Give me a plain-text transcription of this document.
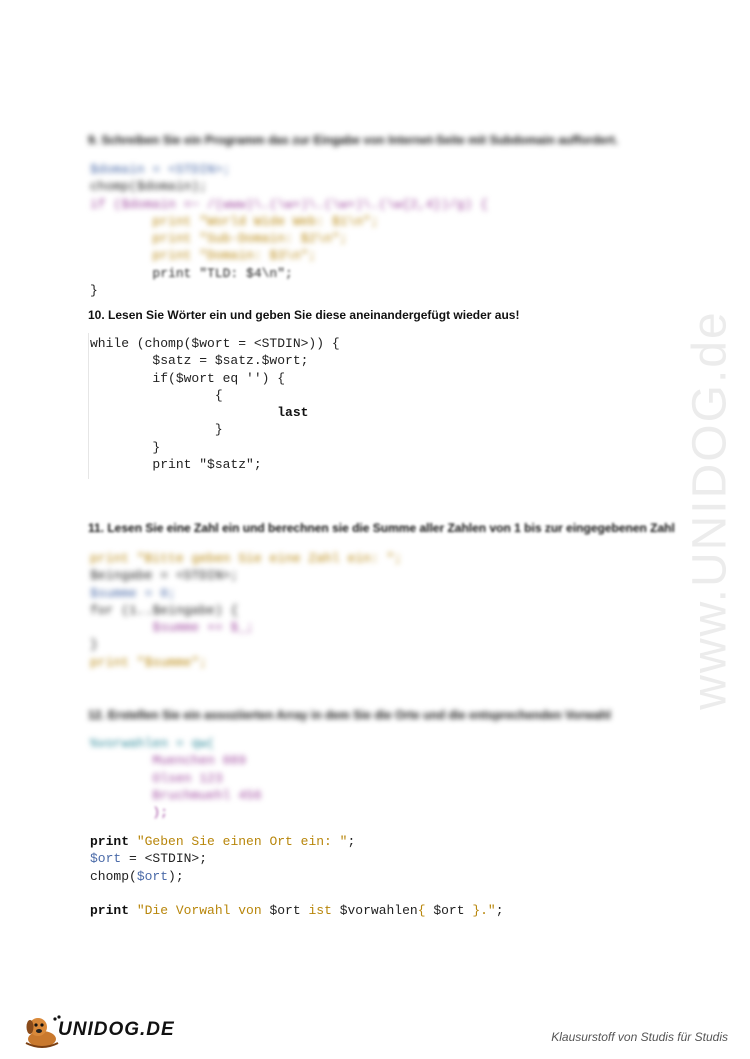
www.UNIDOG.de
9. Schreiben Sie ein Programm das zur Eingabe von Internet-Seite mit Subdomain auffordert.
$domain = <STDIN>;
chomp($domain);
if ($domain =~ /(www)\.(\w+)\.(\w+)\.(\w{2,4})/g) {
print "World Wide Web: $1\n";
print "Sub-Domain: $2\n";
print "Domain: $3\n";
print "TLD: $4\n";
}
10. Lesen Sie Wörter ein und geben Sie diese aneinandergefügt wieder aus!
while (chomp($wort = <STDIN>)) {
$satz = $satz.$wort;
if($wort eq '') {
{
last
}
}
print "$satz";
11. Lesen Sie eine Zahl ein und berechnen sie die Summe aller Zahlen von 1 bis zur eingegebenen Zahl
print "Bitte geben Sie eine Zahl ein: ";
$eingabe = <STDIN>;
$summe = 0;
for (1..$eingabe) {
$summe += $_;
}
print "$summe";
12. Erstellen Sie ein assoziierten Array in dem Sie die Orte und die entsprechenden Vorwahl
%vorwahlen = qw(
Muenchen 089
Olsen 123
Bruchmuehl 456
);
print "Geben Sie einen Ort ein: ";
$ort = <STDIN>;
chomp($ort);
print "Die Vorwahl von $ort ist $vorwahlen{ $ort }.";
UNIDOG.DE	Klausurstoff von Studis für Studis
